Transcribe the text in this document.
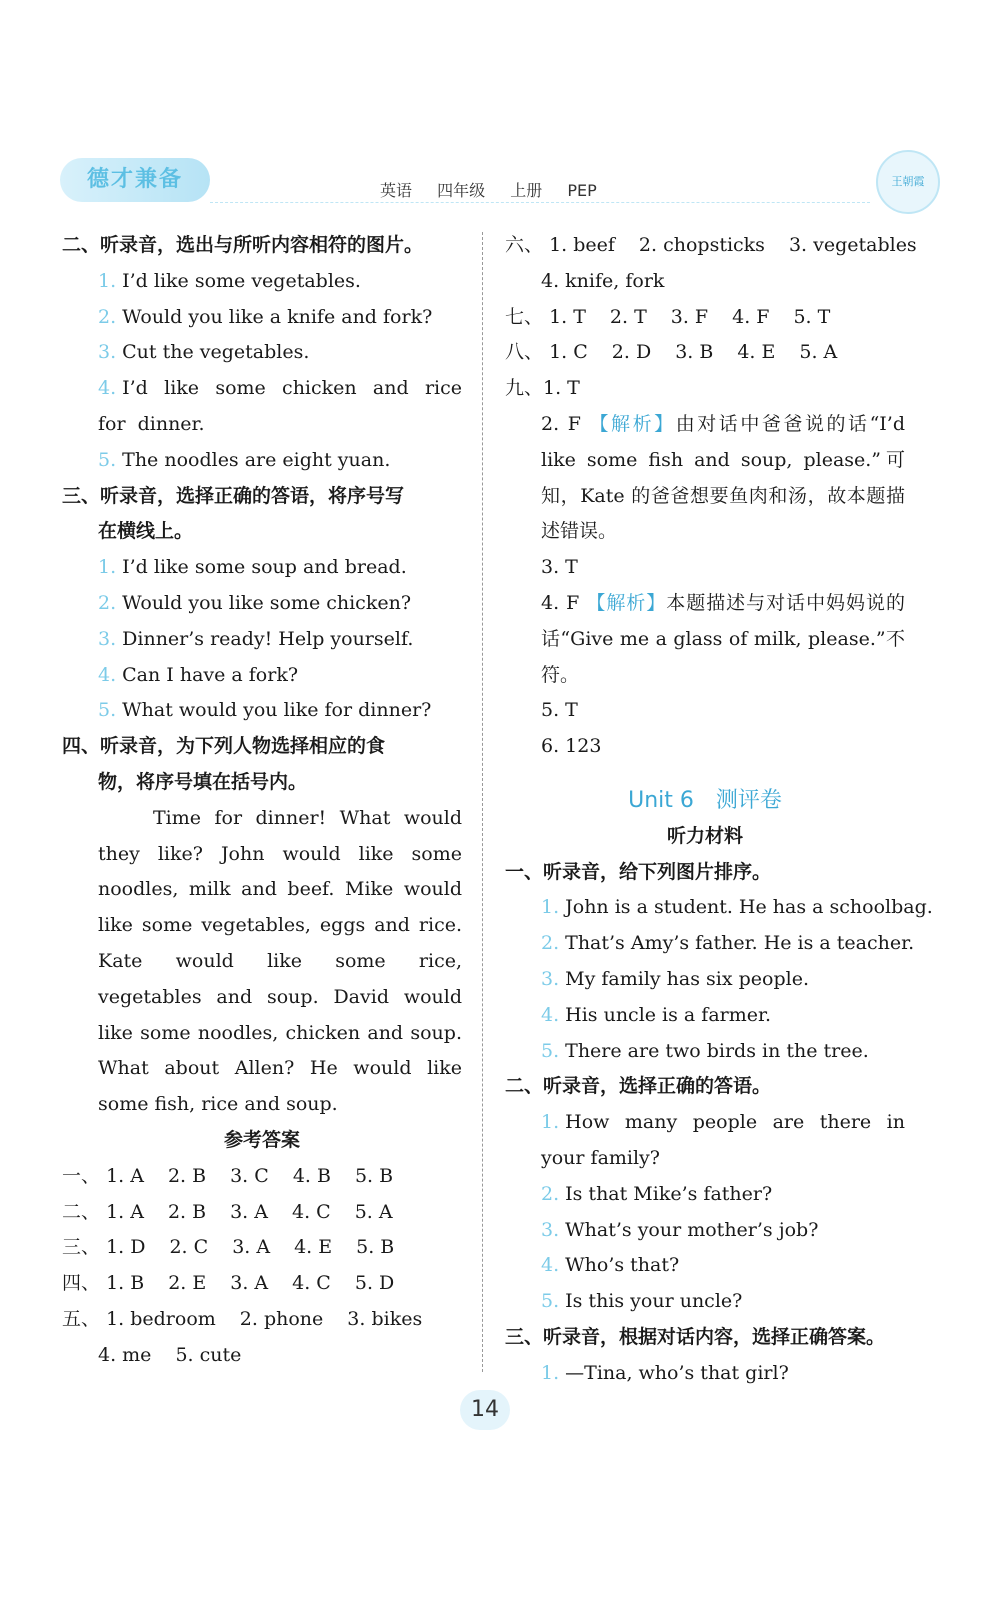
德才兼备	英语 四年级 上册 PEP	王朝霞
二、听录音，选出与所听内容相符的图片。
1. I’d like some vegetables.
2. Would you like a knife and fork?
3. Cut the vegetables.
4. I’d like some chicken and rice for dinner.
5. The noodles are eight yuan.
三、听录音，选择正确的答语，将序号写
在横线上。
1. I’d like some soup and bread.
2. Would you like some chicken?
3. Dinner’s ready! Help yourself.
4. Can I have a fork?
5. What would you like for dinner?
四、听录音，为下列人物选择相应的食
物，将序号填在括号内。
Time for dinner! What would they like? John would like some noodles, milk and beef. Mike would like some vegetables, eggs and rice. Kate would like some rice, vegetables and soup. David would like some noodles, chicken and soup. What about Allen? He would like some fish, rice and soup.
参考答案
一、 1. A 2. B 3. C 4. B 5. B
二、 1. A 2. B 3. A 4. C 5. A
三、 1. D 2. C 3. A 4. E 5. B
四、 1. B 2. E 3. A 4. C 5. D
五、 1. bedroom 2. phone 3. bikes
4. me 5. cute
六、 1. beef 2. chopsticks 3. vegetables
4. knife, fork
七、 1. T 2. T 3. F 4. F 5. T
八、 1. C 2. D 3. B 4. E 5. A
九、1. T
2. F 【解析】由对话中爸爸说的话“I’d like some fish and soup, please.”可知，Kate 的爸爸想要鱼肉和汤，故本题描述错误。
3. T
4. F 【解析】本题描述与对话中妈妈说的话“Give me a glass of milk, please.”不符。
5. T
6. 123
Unit 6　测评卷
听力材料
一、听录音，给下列图片排序。
1. John is a student. He has a schoolbag.
2. That’s Amy’s father. He is a teacher.
3. My family has six people.
4. His uncle is a farmer.
5. There are two birds in the tree.
二、听录音，选择正确的答语。
1. How many people are there in your family?
2. Is that Mike’s father?
3. What’s your mother’s job?
4. Who’s that?
5. Is this your uncle?
三、听录音，根据对话内容，选择正确答案。
1. —Tina, who’s that girl?
14
